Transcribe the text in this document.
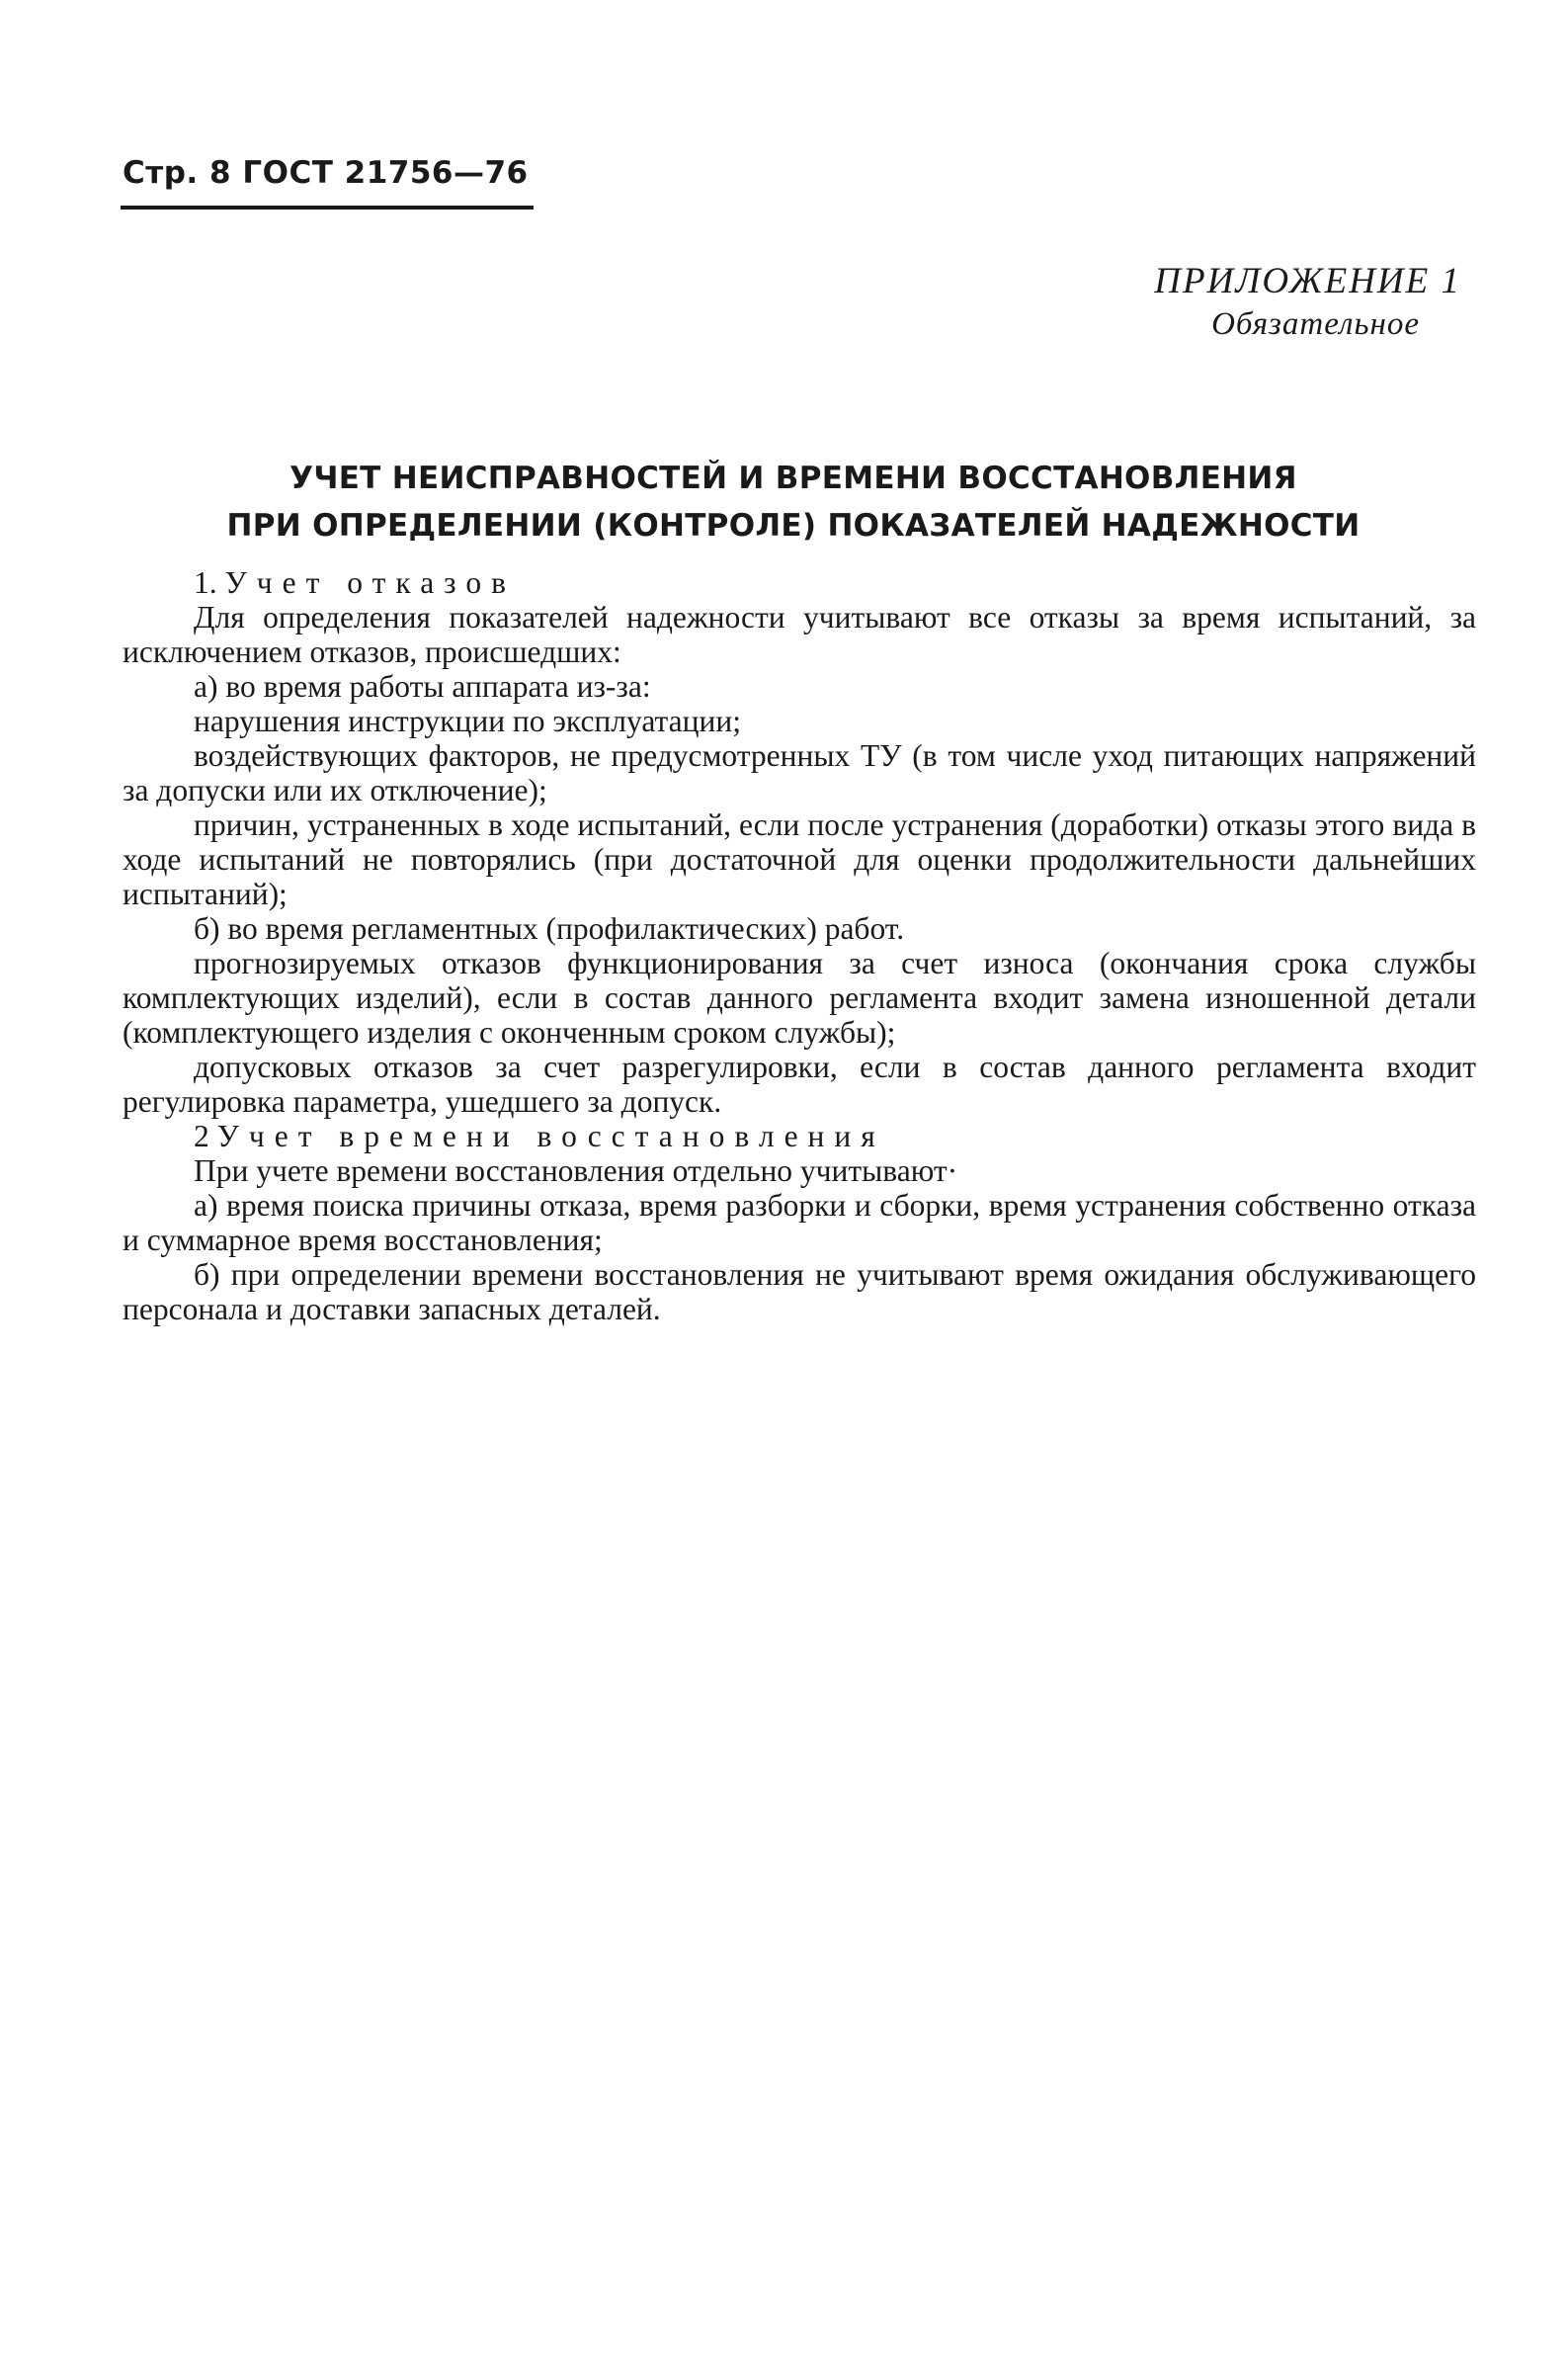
Стр. 8 ГОСТ 21756—76
ПРИЛОЖЕНИЕ 1
Обязательное
УЧЕТ НЕИСПРАВНОСТЕЙ И ВРЕМЕНИ ВОССТАНОВЛЕНИЯ
ПРИ ОПРЕДЕЛЕНИИ (КОНТРОЛЕ) ПОКАЗАТЕЛЕЙ НАДЕЖНОСТИ

1. Учет отказов

Для определения показателей надежности учитывают все отказы за время испытаний, за исключением отказов, происшедших:

а) во время работы аппарата из-за:

нарушения инструкции по эксплуатации;

воздействующих факторов, не предусмотренных ТУ (в том числе уход питающих напряжений за допуски или их отключение);

причин, устраненных в ходе испытаний, если после устранения (доработки) отказы этого вида в ходе испытаний не повторялись (при достаточной для оценки продолжительности дальнейших испытаний);

б) во время регламентных (профилактических) работ.

прогнозируемых отказов функционирования за счет износа (окончания срока службы комплектующих изделий), если в состав данного регламента входит замена изношенной детали (комплектующего изделия с оконченным сроком службы);

допусковых отказов за счет разрегулировки, если в состав данного регламента входит регулировка параметра, ушедшего за допуск.

2 Учет времени восстановления

При учете времени восстановления отдельно учитывают·

а) время поиска причины отказа, время разборки и сборки, время устранения собственно отказа и суммарное время восстановления;

б) при определении времени восстановления не учитывают время ожидания обслуживающего персонала и доставки запасных деталей.
